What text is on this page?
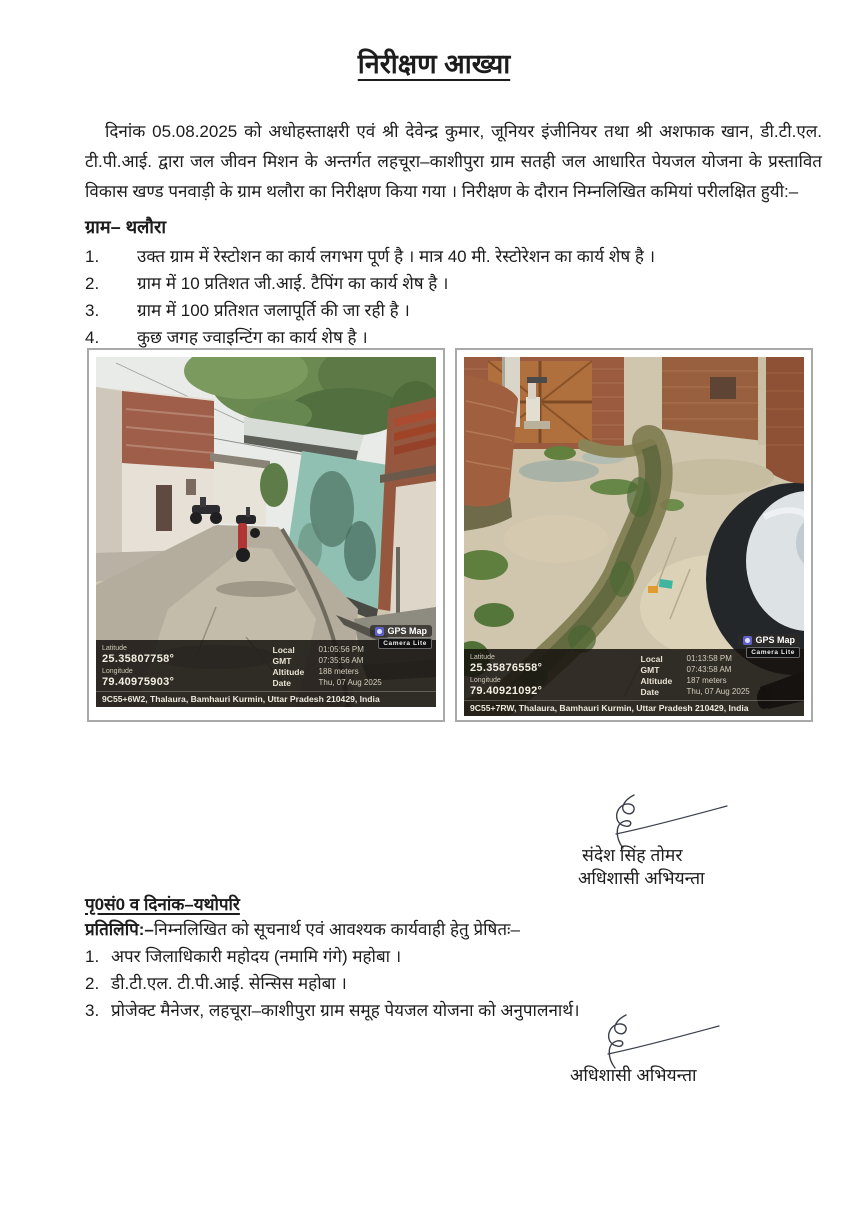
निरीक्षण आख्या

दिनांक 05.08.2025 को अधोहस्ताक्षरी एवं श्री देवेन्द्र कुमार, जूनियर इंजीनियर तथा श्री अशफाक खान, डी.टी.एल. टी.पी.आई. द्वारा जल जीवन मिशन के अन्तर्गत लहचूरा–काशीपुरा ग्राम सतही जल आधारित पेयजल योजना के प्रस्तावित विकास खण्ड पनवाड़ी के ग्राम थलौरा का निरीक्षण किया गया । निरीक्षण के दौरान निम्नलिखित कमियां परीलक्षित हुयी:–

ग्राम– थलौरा
1.	उक्त ग्राम में रेस्टोशन का कार्य लगभग पूर्ण है । मात्र 40 मी. रेस्टोरेशन का कार्य शेष है ।
2.	ग्राम में 10 प्रतिशत जी.आई. टैपिंग का कार्य शेष है ।
3.	ग्राम में 100 प्रतिशत जलापूर्ति की जा रही है ।
4.	कुछ जगह ज्वाइन्टिंग का कार्य शेष है ।
GPS Map
Camera Lite
Latitude
25.35807758°
Longitude
79.40975903°
Local	01:05:56 PM
GMT	07:35:56 AM
Altitude	188 meters
Date	Thu, 07 Aug 2025
9C55+6W2, Thalaura, Bamhauri Kurmin, Uttar Pradesh 210429, India
GPS Map
Camera Lite
Latitude
25.35876558°
Longitude
79.40921092°
Local	01:13:58 PM
GMT	07:43:58 AM
Altitude	187 meters
Date	Thu, 07 Aug 2025
9C55+7RW, Thalaura, Bamhauri Kurmin, Uttar Pradesh 210429, India
संदेश सिंह तोमर
अधिशासी अभियन्ता
पृ0सं0 व दिनांक–यथोपरि
प्रतिलिपि:–निम्नलिखित को सूचनार्थ एवं आवश्यक कार्यवाही हेतु प्रेषितः–
1. अपर जिलाधिकारी महोदय (नमामि गंगे) महोबा ।
2. डी.टी.एल. टी.पी.आई. सेन्सिस महोबा ।
3. प्रोजेक्ट मैनेजर, लहचूरा–काशीपुरा ग्राम समूह पेयजल योजना को अनुपालनार्थ।
अधिशासी अभियन्ता
